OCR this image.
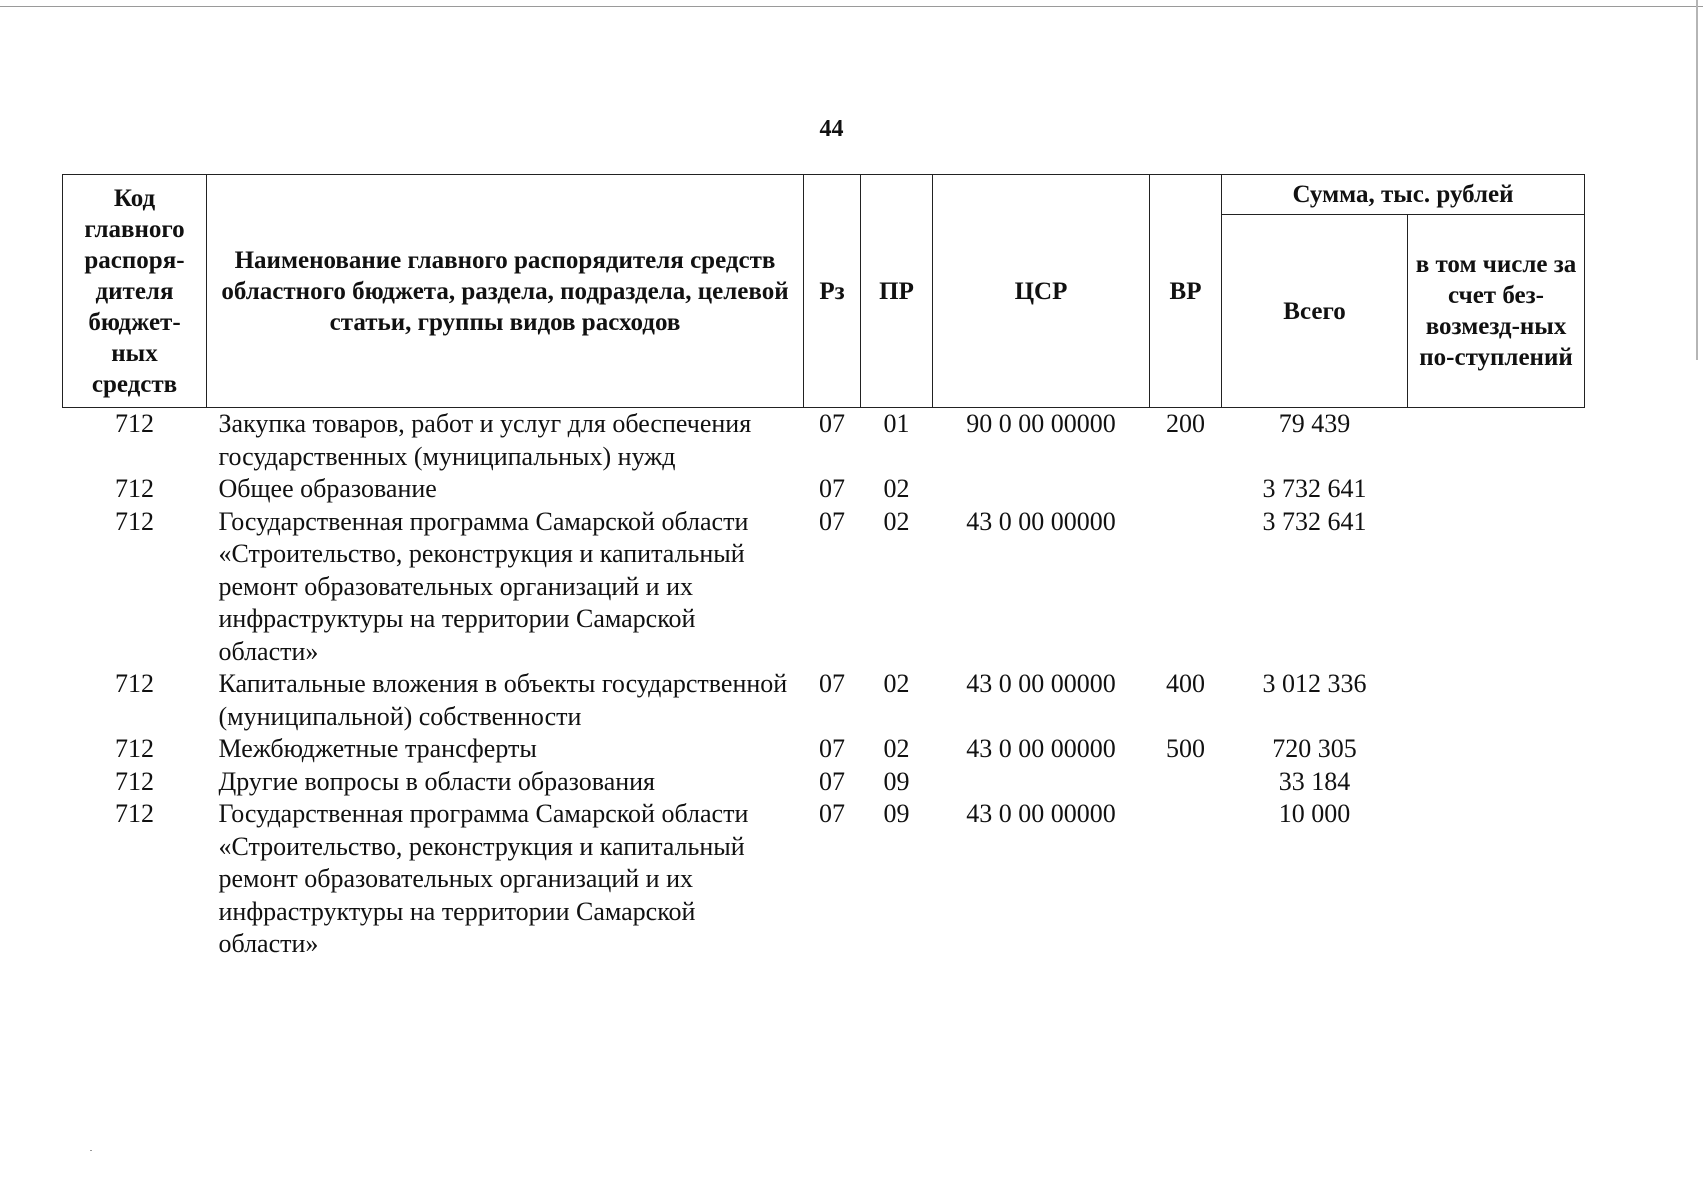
44
Код главного распоря-дителя бюджет-ных средств	Наименование главного распорядителя средств областного бюджета, раздела, подраздела, целевой статьи, группы видов расходов	Рз	ПР	ЦСР	ВР	Сумма, тыс. рублей	
						Всего	в том числе за счет без-возмезд-ных по-ступлений
712	Закупка товаров, работ и услуг для обеспечения государственных (муниципальных) нужд	07	01	90 0 00 00000	200	79 439	
712	Общее образование	07	02			3 732 641	
712	Государственная программа Самарской области «Строительство, реконструкция и капитальный ремонт образовательных организаций и их инфраструктуры на территории Самарской области»	07	02	43 0 00 00000		3 732 641	
712	Капитальные вложения в объекты государственной (муниципальной) собственности	07	02	43 0 00 00000	400	3 012 336	
712	Межбюджетные трансферты	07	02	43 0 00 00000	500	720 305	
712	Другие вопросы в области образования	07	09			33 184	
712	Государственная программа Самарской области «Строительство, реконструкция и капитальный ремонт образовательных организаций и их инфраструктуры на территории Самарской области»	07	09	43 0 00 00000		10 000	
